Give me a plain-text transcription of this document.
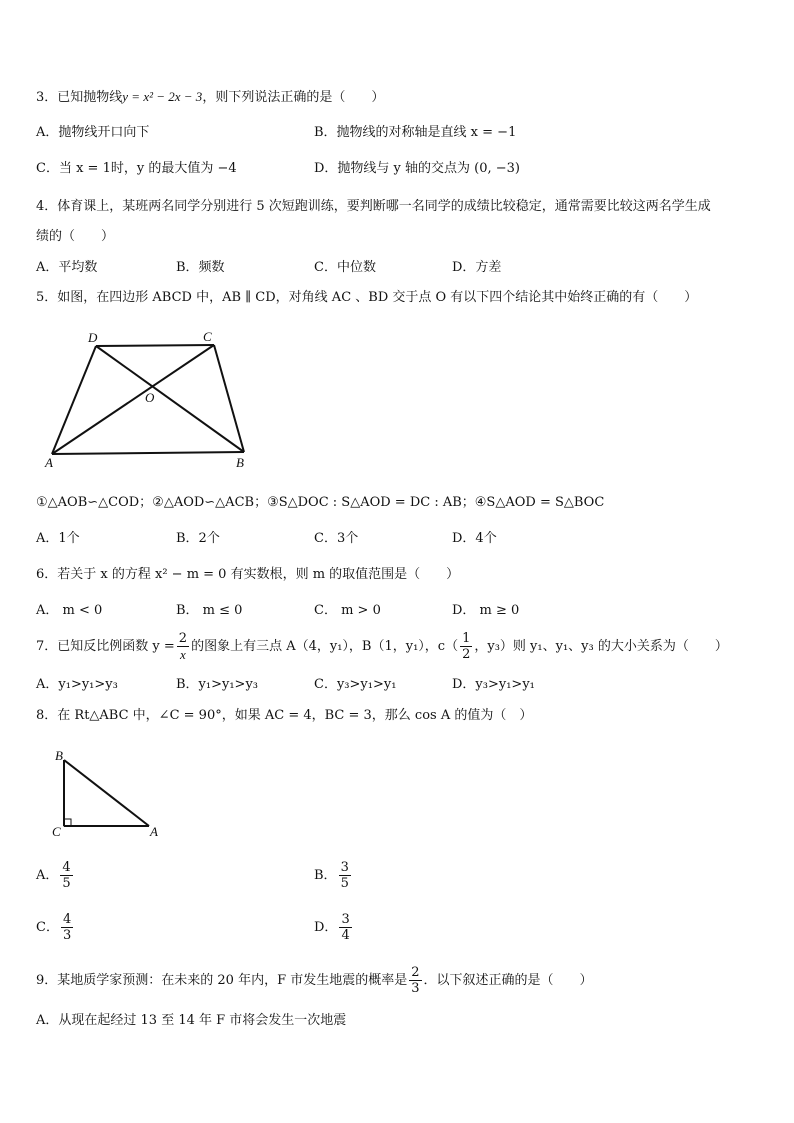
3．已知抛物线y = x² − 2x − 3，则下列说法正确的是（　　）
A．抛物线开口向下	B．抛物线的对称轴是直线 x = −1
C．当 x = 1时，y 的最大值为 −4	D．抛物线与 y 轴的交点为 (0, −3)
4．体育课上，某班两名同学分别进行 5 次短跑训练，要判断哪一名同学的成绩比较稳定，通常需要比较这两名学生成
绩的（　　）
A．平均数	B．频数	C．中位数	D．方差
5．如图，在四边形 ABCD 中，AB ∥ CD，对角线 AC 、BD 交于点 O 有以下四个结论其中始终正确的有（　　）
D	C
O
A	B
①△AOB∽△COD；②△AOD∽△ACB；③S△DOC : S△AOD = DC : AB；④S△AOD = S△BOC
A．1个	B．2个	C．3个	D．4个
6．若关于 x 的方程 x² − m = 0 有实数根，则 m 的取值范围是（　　）
A． m < 0	B． m ≤ 0	C． m > 0	D． m ≥ 0
7．已知反比例函数 $y = \frac{2}{x}$ 的图象上有三点 A（4，y₁），B（1，y₁），$c( \frac{1}{2}$ ，y₃）则 y₁、y₁、y₃ 的大小关系为（　　）
A．y₁>y₁>y₃	B．y₁>y₁>y₃	C．y₃>y₁>y₁	D．y₃>y₁>y₁
8．在 Rt△ABC 中，∠C = 90°，如果 AC = 4，BC = 3，那么 cos A 的值为（　）
B
C	A
A． $\frac{4}{5}$	B． $\frac{3}{5}$
C． $\frac{4}{3}$	D． $\frac{3}{4}$
9．某地质学家预测：在未来的 20 年内，F 市发生地震的概率是 $\frac{2}{3}$ ．以下叙述正确的是（　　）
A．从现在起经过 13 至 14 年 F 市将会发生一次地震
